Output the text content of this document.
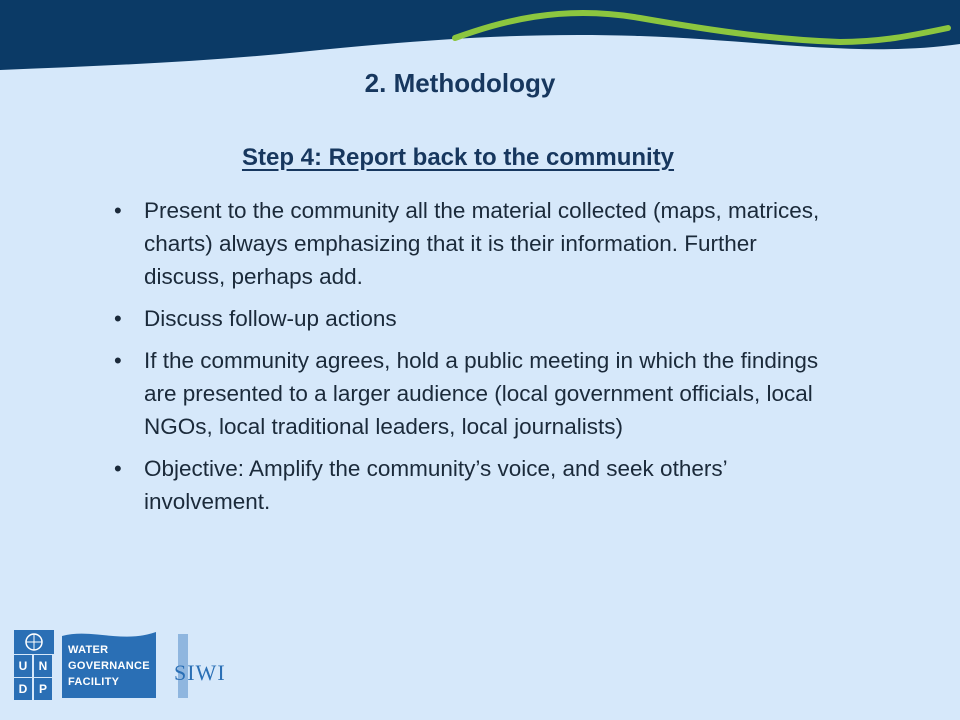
2. Methodology
Step 4: Report back to the community
• Present to the community all the material collected (maps, matrices, charts) always emphasizing that it is their information. Further discuss, perhaps add.
• Discuss follow-up actions
• If the community agrees, hold a public meeting in which the findings are presented to a larger audience (local government officials, local NGOs, local traditional leaders, local journalists)
• Objective: Amplify the community’s voice, and seek others’ involvement.
U N
D P
WATER
GOVERNANCE
FACILITY	SIWI
